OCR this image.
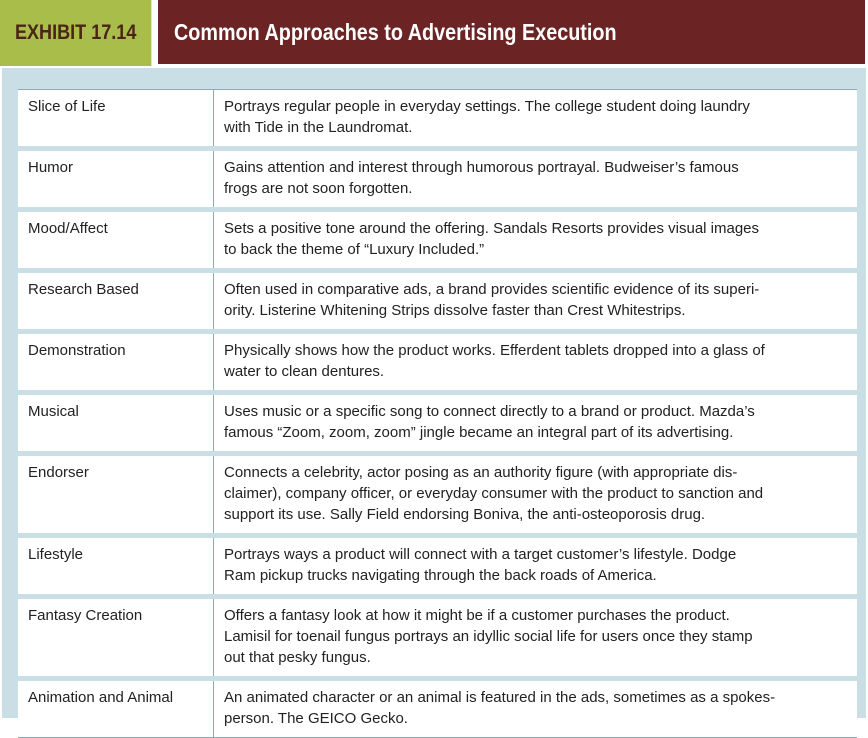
EXHIBIT 17.14 Common Approaches to Advertising Execution
Slice of Life	Portrays regular people in everyday settings. The college student doing laundry
with Tide in the Laundromat.
Humor	Gains attention and interest through humorous portrayal. Budweiser’s famous
frogs are not soon forgotten.
Mood/Affect	Sets a positive tone around the offering. Sandals Resorts provides visual images
to back the theme of “Luxury Included.”
Research Based	Often used in comparative ads, a brand provides scientific evidence of its superi-
ority. Listerine Whitening Strips dissolve faster than Crest Whitestrips.
Demonstration	Physically shows how the product works. Efferdent tablets dropped into a glass of
water to clean dentures.
Musical	Uses music or a specific song to connect directly to a brand or product. Mazda’s
famous “Zoom, zoom, zoom” jingle became an integral part of its advertising.
Endorser	Connects a celebrity, actor posing as an authority figure (with appropriate dis-
claimer), company officer, or everyday consumer with the product to sanction and
support its use. Sally Field endorsing Boniva, the anti-osteoporosis drug.
Lifestyle	Portrays ways a product will connect with a target customer’s lifestyle. Dodge
Ram pickup trucks navigating through the back roads of America.
Fantasy Creation	Offers a fantasy look at how it might be if a customer purchases the product.
Lamisil for toenail fungus portrays an idyllic social life for users once they stamp
out that pesky fungus.
Animation and Animal	An animated character or an animal is featured in the ads, sometimes as a spokes-
person. The GEICO Gecko.
